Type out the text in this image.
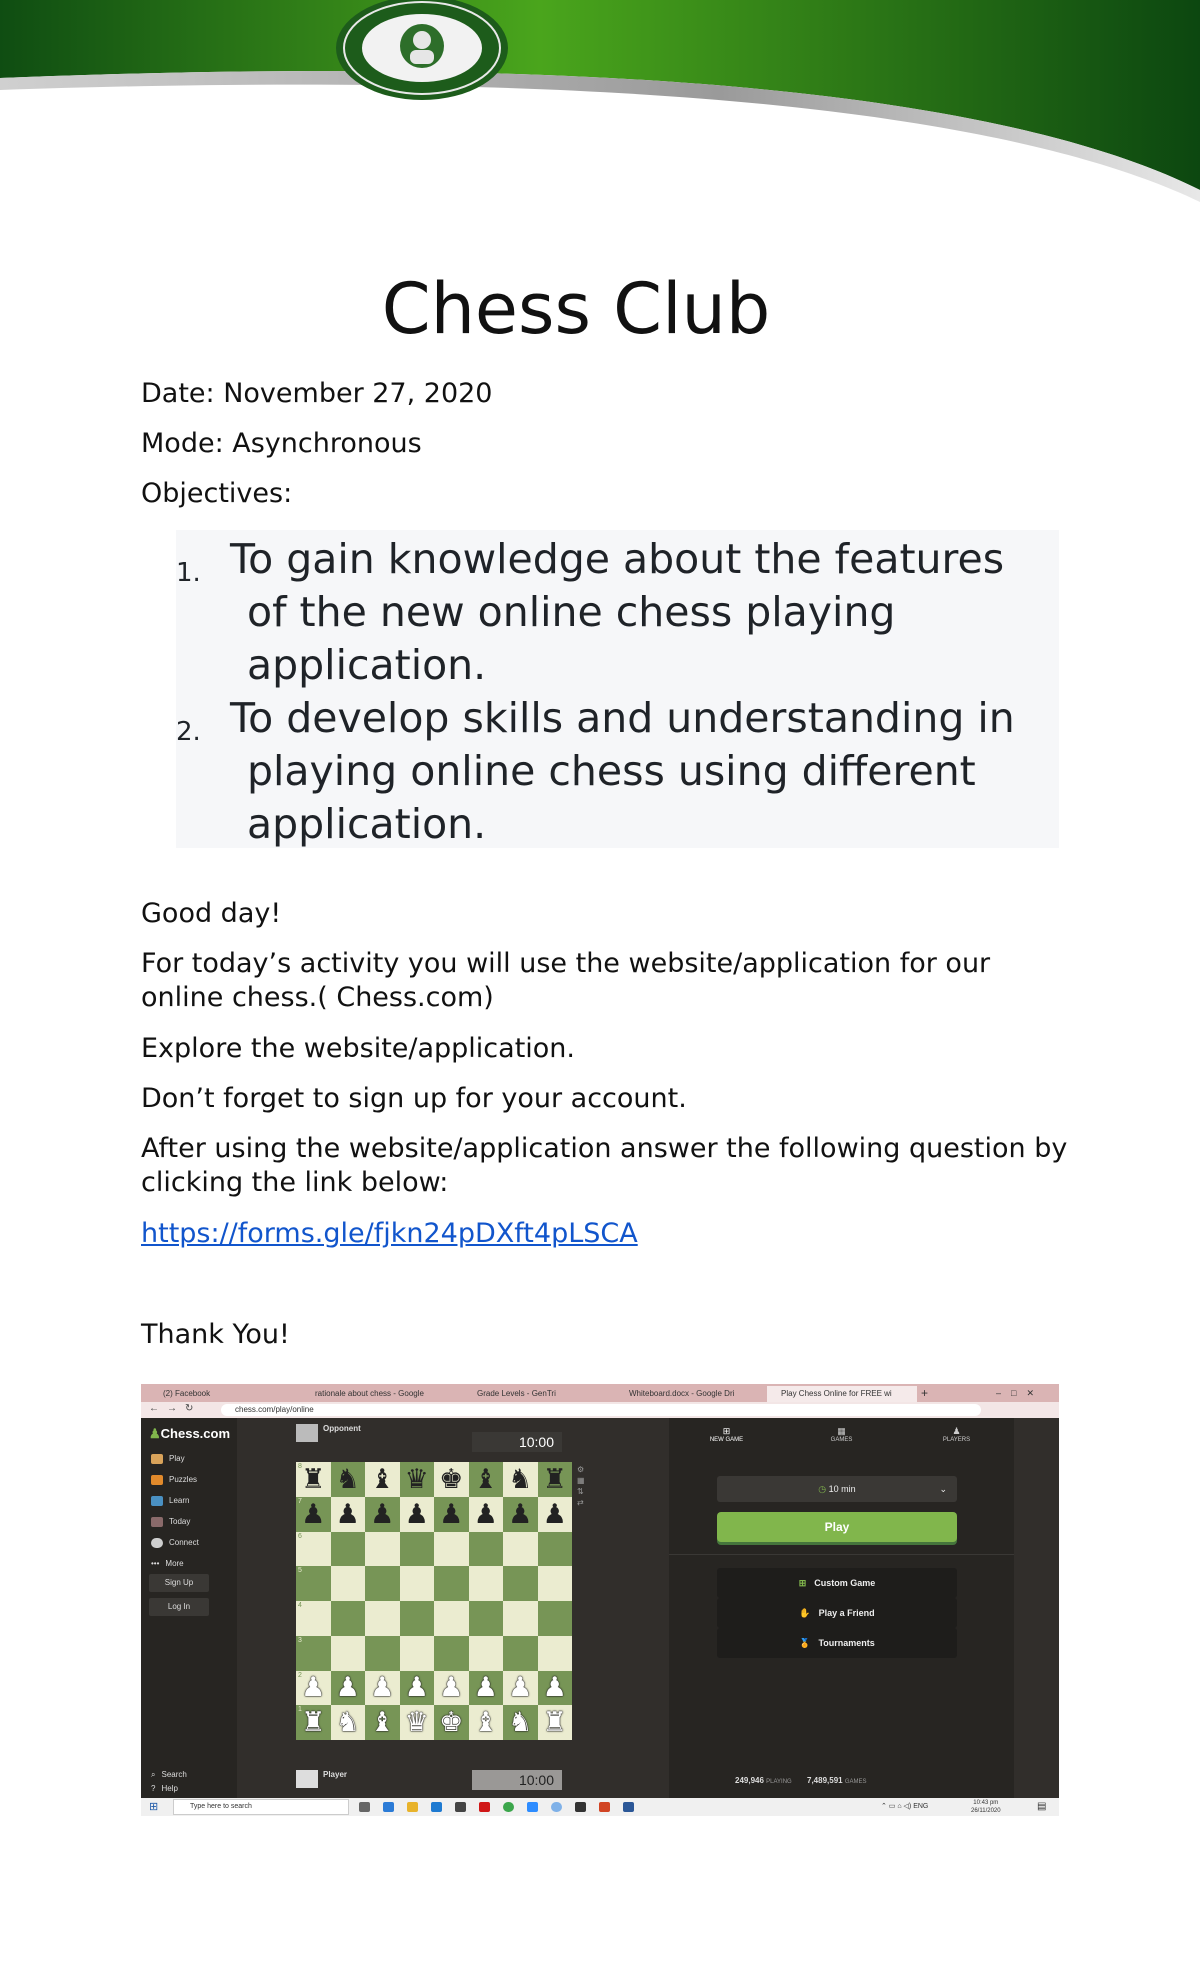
Chess Club
Date: November 27, 2020
Mode: Asynchronous
Objectives:
1. To gain knowledge about the features
of the new online chess playing
application.
2. To develop skills and understanding in
playing online chess using different
application.
Good day!
For today’s activity you will use the website/application for our online chess.( Chess.com)
Explore the website/application.
Don’t forget to sign up for your account.
After using the website/application answer the following question by clicking the link below:
https://forms.gle/fjkn24pDXft4pLSCA
Thank You!
(2) Facebook	rationale about chess - Google	Grade Levels - GenTri	Whiteboard.docx - Google Dri	Play Chess Online for FREE wi	+	–□✕
←→↻	chess.com/play/online
♟Chess.com
Play
Puzzles
Learn
Today
Connect
••• More
Sign Up
Log In
⌕ Search
? Help
Opponent
10:00
8 ♜ ♞ ♝ ♛ ♚ ♝ ♞ ♜
7 ♟ ♟ ♟ ♟ ♟ ♟ ♟ ♟
6
5
4
3
2 ♟ ♟ ♟ ♟ ♟ ♟ ♟ ♟
1 ♜ ♞ ♝ ♛ ♚ ♝ ♞ ♜
⚙
▦
⇅
⇄
Player	10:00
⊞
NEW GAME
▦
GAMES
♟
PLAYERS
◷ 10 min	⌄
Play
⊞ Custom Game
✋ Play a Friend
🏅 Tournaments
249,946 PLAYING 7,489,591 GAMES
⊞	Type here to search	⌃ ▭ ⌂ ◁) ENG	10:43 pm
26/11/2020	▤
